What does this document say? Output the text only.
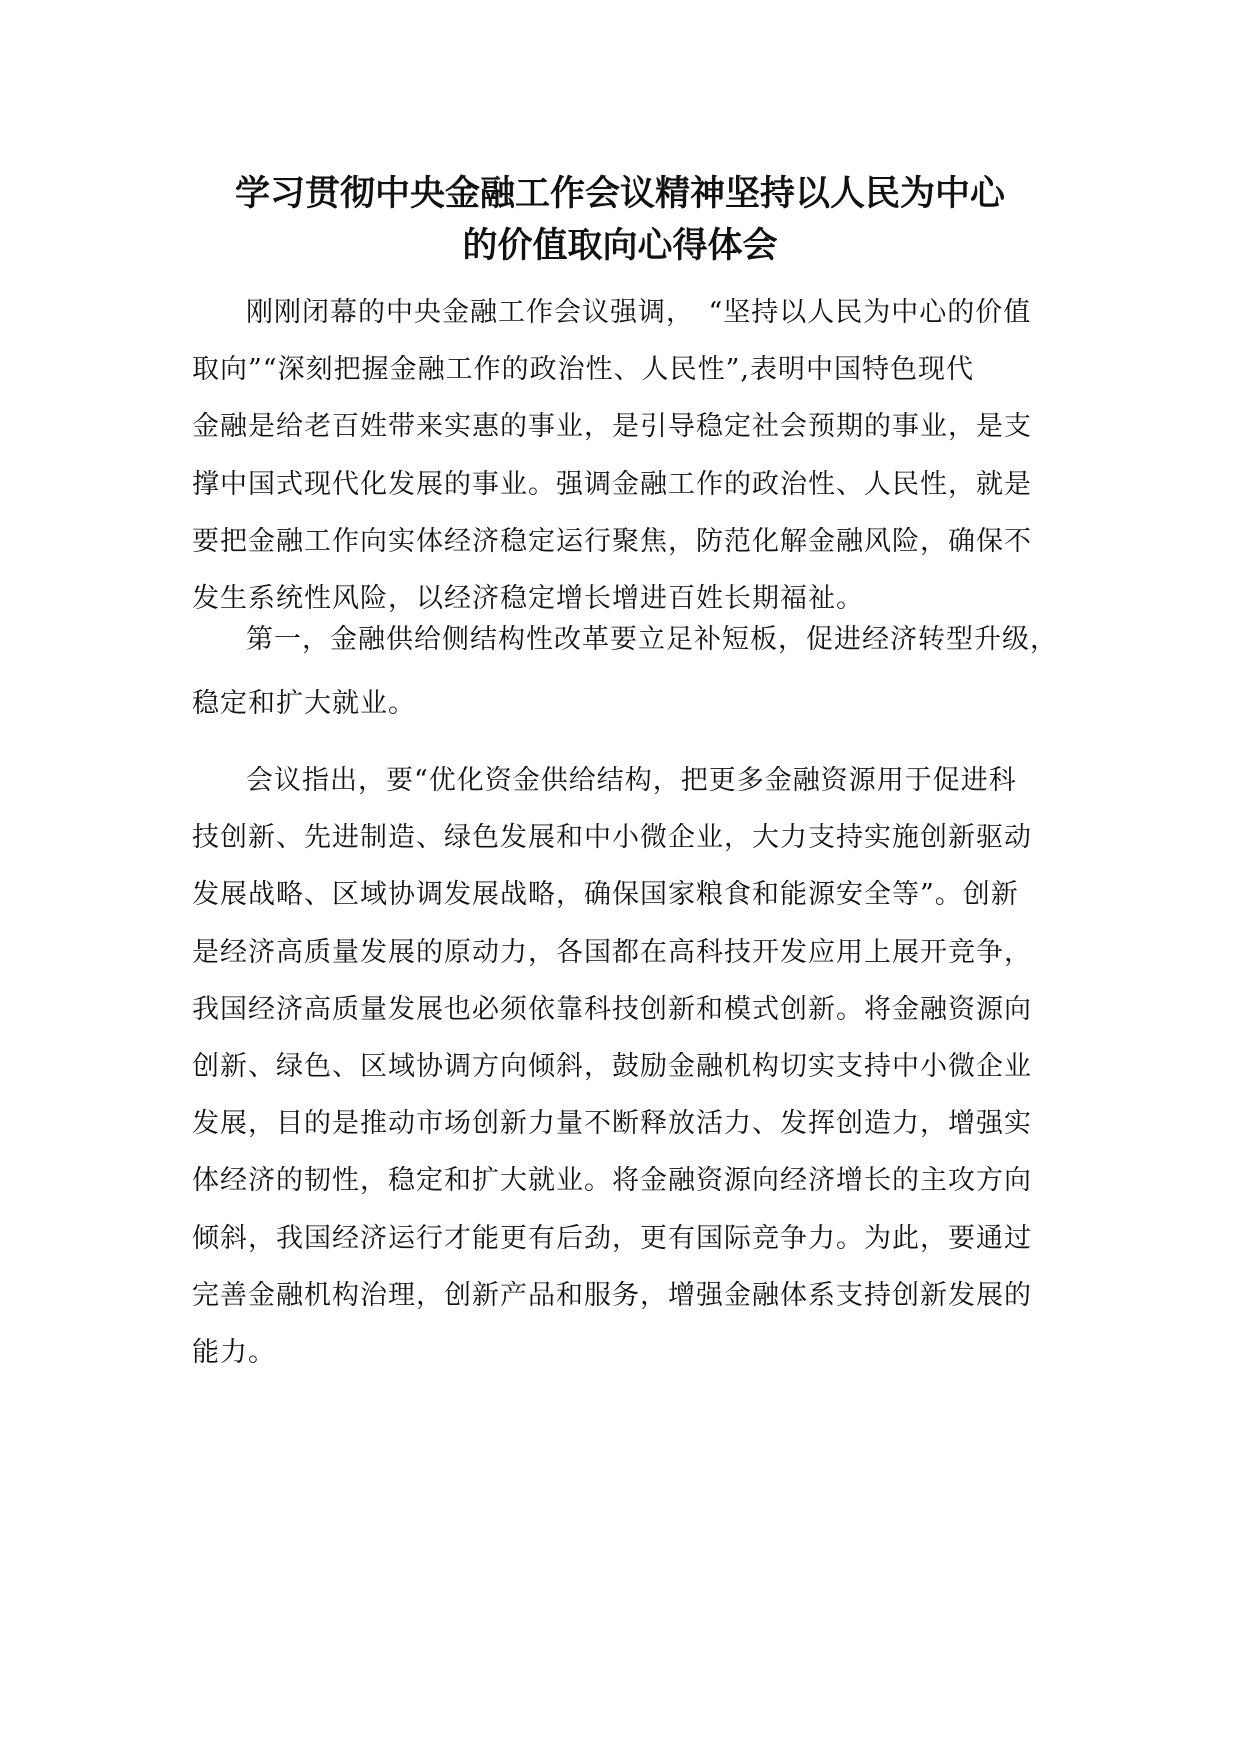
学习贯彻中央金融工作会议精神坚持以人民为中心
的价值取向心得体会

刚刚闭幕的中央金融工作会议强调，　“坚持以人民为中心的价值
取向”“深刻把握金融工作的政治性、人民性”,表明中国特色现代
金融是给老百姓带来实惠的事业，是引导稳定社会预期的事业，是支
撑中国式现代化发展的事业。强调金融工作的政治性、人民性，就是
要把金融工作向实体经济稳定运行聚焦，防范化解金融风险，确保不
发生系统性风险，以经济稳定增长增进百姓长期福祉。

第一，金融供给侧结构性改革要立足补短板，促进经济转型升级，
稳定和扩大就业。

会议指出，要“优化资金供给结构，把更多金融资源用于促进科
技创新、先进制造、绿色发展和中小微企业，大力支持实施创新驱动
发展战略、区域协调发展战略，确保国家粮食和能源安全等”。创新
是经济高质量发展的原动力，各国都在高科技开发应用上展开竞争，
我国经济高质量发展也必须依靠科技创新和模式创新。将金融资源向
创新、绿色、区域协调方向倾斜，鼓励金融机构切实支持中小微企业
发展，目的是推动市场创新力量不断释放活力、发挥创造力，增强实
体经济的韧性，稳定和扩大就业。将金融资源向经济增长的主攻方向
倾斜，我国经济运行才能更有后劲，更有国际竞争力。为此，要通过
完善金融机构治理，创新产品和服务，增强金融体系支持创新发展的
能力。
